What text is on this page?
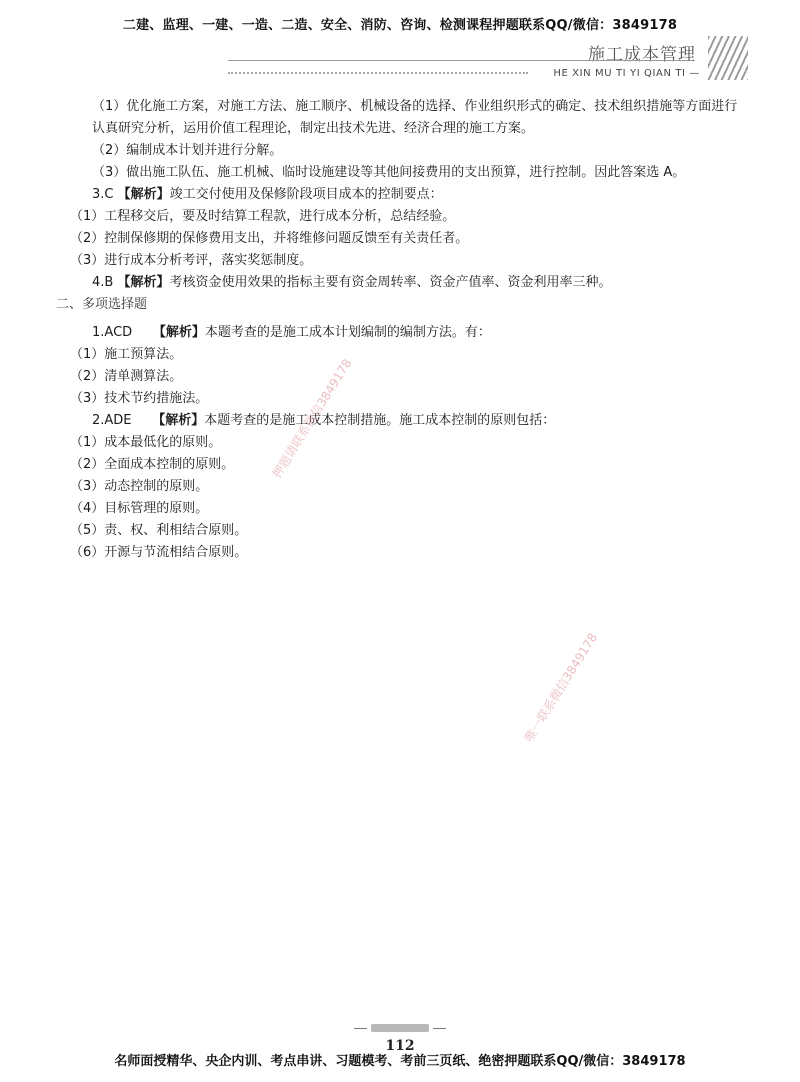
二建、监理、一建、一造、二造、安全、消防、咨询、检测课程押题联系QQ/微信：3849178
施工成本管理
HE XIN MU TI YI QIAN TI —
（1）优化施工方案，对施工方法、施工顺序、机械设备的选择、作业组织形式的确定、技术组织措施等方面进行认真研究分析，运用价值工程理论，制定出技术先进、经济合理的施工方案。
（2）编制成本计划并进行分解。
（3）做出施工队伍、施工机械、临时设施建设等其他间接费用的支出预算，进行控制。因此答案选 A。
3.C 【解析】竣工交付使用及保修阶段项目成本的控制要点：
（1）工程移交后，要及时结算工程款，进行成本分析，总结经验。
（2）控制保修期的保修费用支出，并将维修问题反馈至有关责任者。
（3）进行成本分析考评，落实奖惩制度。
4.B 【解析】考核资金使用效果的指标主要有资金周转率、资金产值率、资金利用率三种。
二、多项选择题
1.ACD 【解析】本题考查的是施工成本计划编制的编制方法。有：
（1）施工预算法。
（2）清单测算法。
（3）技术节约措施法。
2.ADE 【解析】本题考查的是施工成本控制措施。施工成本控制的原则包括：
（1）成本最低化的原则。
（2）全面成本控制的原则。
（3）动态控制的原则。
（4）目标管理的原则。
（5）责、权、利相结合原则。
（6）开源与节流相结合原则。
押题请联系微信3849178
唯一联系微信3849178
112
名师面授精华、央企内训、考点串讲、习题模考、考前三页纸、绝密押题联系QQ/微信：3849178
